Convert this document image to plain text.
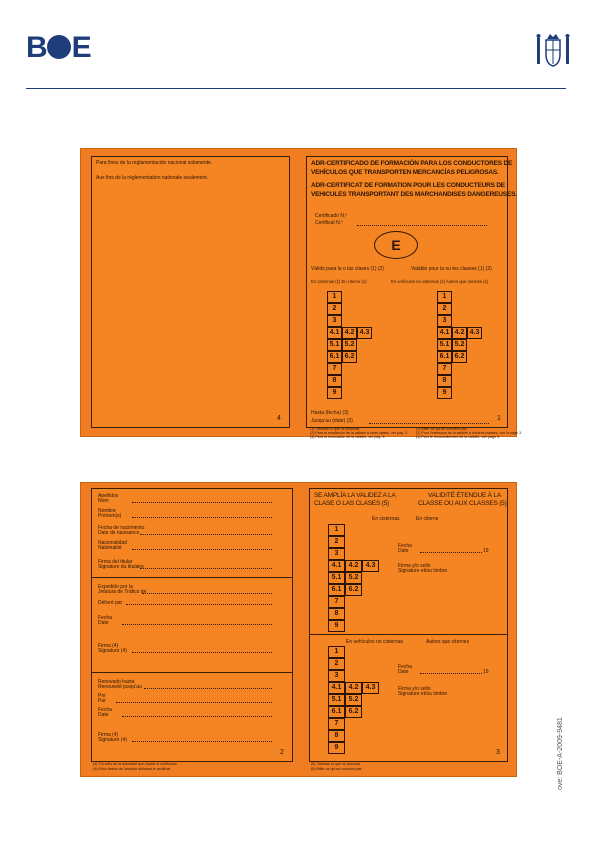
B E
ove: BOE-A-2009-9481
Para fines de la reglamentación nacional solamente.
Aux fins de la réglementation nationale seulement.
4
ADR-CERTIFICADO DE FORMACIÓN PARA LOS CONDUCTORES DE
VEHÍCULOS QUE TRANSPORTEN MERCANCÍAS PELIGROSAS.
ADR-CERTIFICAT DE FORMATION POUR LES CONDUCTEURS DE
VEHICULES TRANSPORTANT DES MARCHANDISES DANGEREUSES.
Certificado N.º
Certificat N.º
E
Válido para la o las clases (1) (2)	Valable pour la ou les classes (1) (2)
En cisternas (1) En citerne (1)	En vehículos no cisternas (1) Autres que citernes (1)
1
2
3
4.1 4.2 4.3
5.1 5.2
6.1 6.2
7
8
9
1
2
3
4.1 4.2 4.3
5.1 5.2
6.1 6.2
7
8
9
Hasta (fecha) (3)
Jusqu'au (date) (3)	1
(1) Táchese lo que no proceda.
(2) Para la ampliación de la validez a otras clases, ver pág. 3.
(3) Para la renovación de la validez, ver pág. 3.
(1) Biffer ce qui ne convient pas.
(2) Pour l'extension de la validité à d'autres classes, voir la page 3.
(3) Pour le renouvellement de la validité, voir page 3.
Apellidos
Nom
Nombre
Prénom(s)
Fecha de nacimiento
Date de naissance
Nacionalidad
Nationalité
Firma del titular
Signature du titulaire
Expedido por la
Jefatura de Tráfico de
Délivré par
Fecha
Date
Firma (4)
Signature (4)
Renovado hasta
Renouvelé jusqu'au
Por
Par
Fecha
Date
Firma (4)
Signature (4)
2
(4) Y/o sello de la autoridad que expide el certificado.
(4) Et/ou timbre de l'autorité délivrant le certificat.
SE AMPLÍA LA VALIDEZ A LA
CLASE O LAS CLASES (5)
VALIDITÉ ÉTENDUE À LA
CLASSE OU AUX CLASSES (5)
En cisternas	En citerne
1
2
3
4.1	4.2	4.3
5.1	5.2
6.1	6.2
7
8
9
Fecha
Date	19
Firma y/o sello
Signature et/ou timbre
En vehículos no cisternas	Autres que citernes
1
2
3
4.1	4.2	4.3
5.1	5.2
6.1	6.2
7
8
9
Fecha
Date	19
Firma y/o sello
Signature et/ou timbre
3
(5) Táchese lo que no proceda.
(5) Biffer ce qui ne convient pas.
